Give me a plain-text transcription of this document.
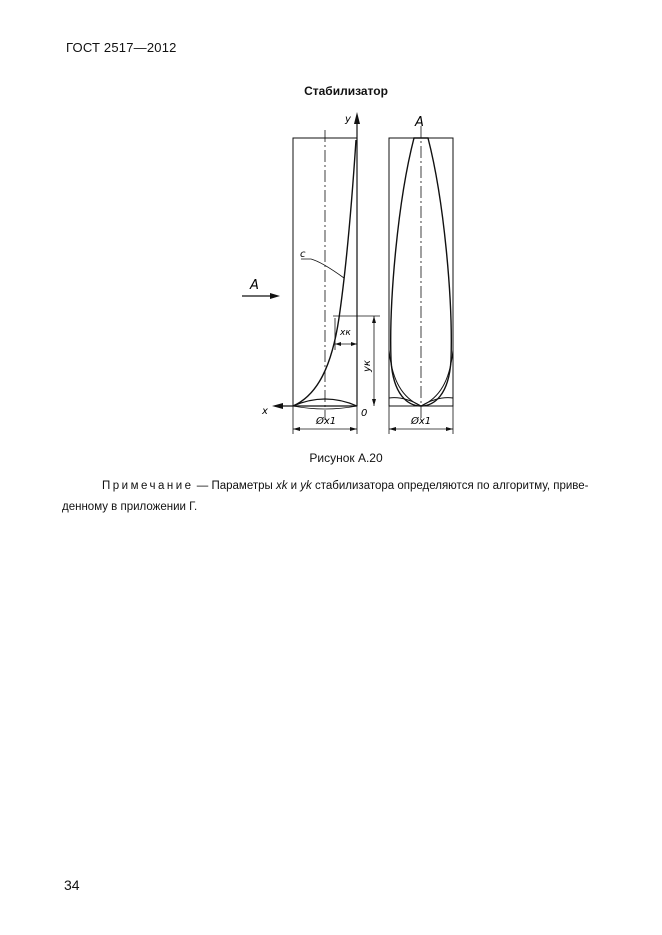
ГОСТ 2517—2012
Стабилизатор
y
x	0
c
A
xк
yк
Øx1
A
Øx1
Рисунок А.20
Примечание — Параметры xk и yk стабилизатора определяются по алгоритму, приве-
денному в приложении Г.
34
